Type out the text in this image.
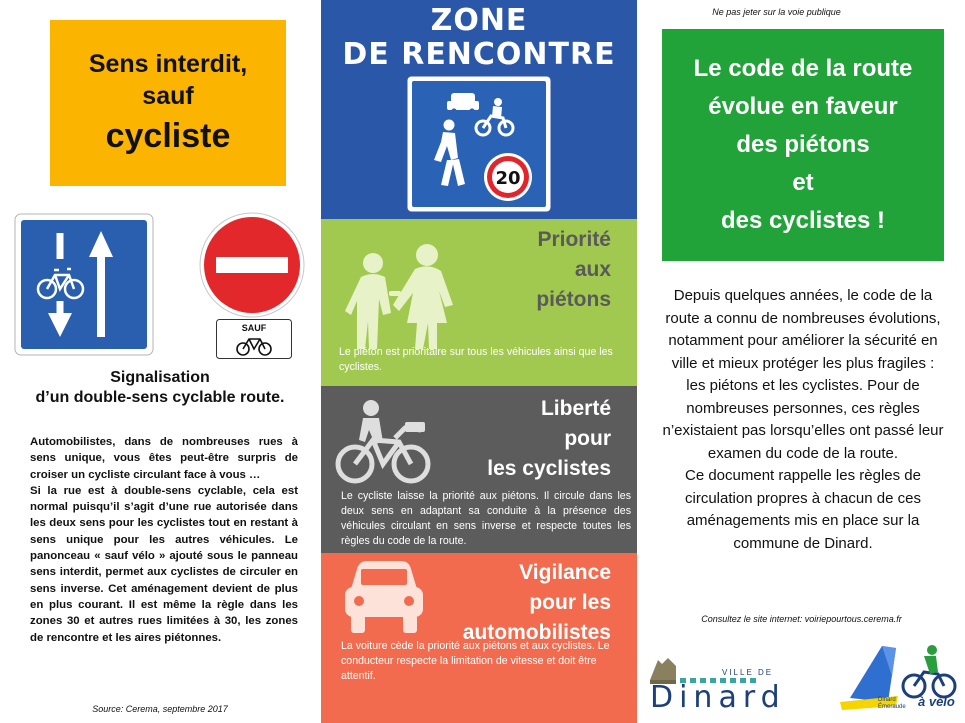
Sens interdit,
sauf
cycliste
SAUF
Signalisation
d’un double-sens cyclable route.

Automobilistes, dans de nombreuses rues à sens unique, vous êtes peut-être surpris de croiser un cycliste circulant face à vous …

Si la rue est à double-sens cyclable, cela est normal puisqu’il s’agit d’une rue autorisée dans les deux sens pour les cyclistes tout en restant à sens unique pour les autres véhicules. Le panonceau « sauf vélo » ajouté sous le panneau sens interdit, permet aux cyclistes de circuler en sens inverse. Cet aménagement devient de plus en plus courant. Il est même la règle dans les zones 30 et autres rues limitées à 30, les zones de rencontre et les aires piétonnes.

Source: Cerema, septembre 2017
ZONE
DE RENCONTRE
20
Priorité
aux
piétons
Le piéton est prioritaire sur tous les véhicules ainsi que les cyclistes.
Liberté
pour
les cyclistes
Le cycliste laisse la priorité aux piétons. Il circule dans les deux sens en adaptant sa conduite à la présence des véhicules circulant en sens inverse et respecte toutes les règles du code de la route.
Vigilance
pour les
automobilistes
La voiture cède la priorité aux piétons et aux cyclistes. Le conducteur respecte la limitation de vitesse et doit être attentif.
Ne pas jeter sur la voie publique
Le code de la route
évolue en faveur
des piétons
et
des cyclistes !

Depuis quelques années, le code de la route a connu de nombreuses évolutions, notamment pour améliorer la sécurité en ville et mieux protéger les plus fragiles : les piétons et les cyclistes. Pour de nombreuses personnes, ces règles n’existaient pas lorsqu’elles ont passé leur examen du code de la route.

Ce document rappelle les règles de circulation propres à chacun de ces aménagements mis en place sur la commune de Dinard.

Consultez le site internet: voiriepourtous.cerema.fr
VILLE DE
Dinard	Dinard
Émeraude à vélo
